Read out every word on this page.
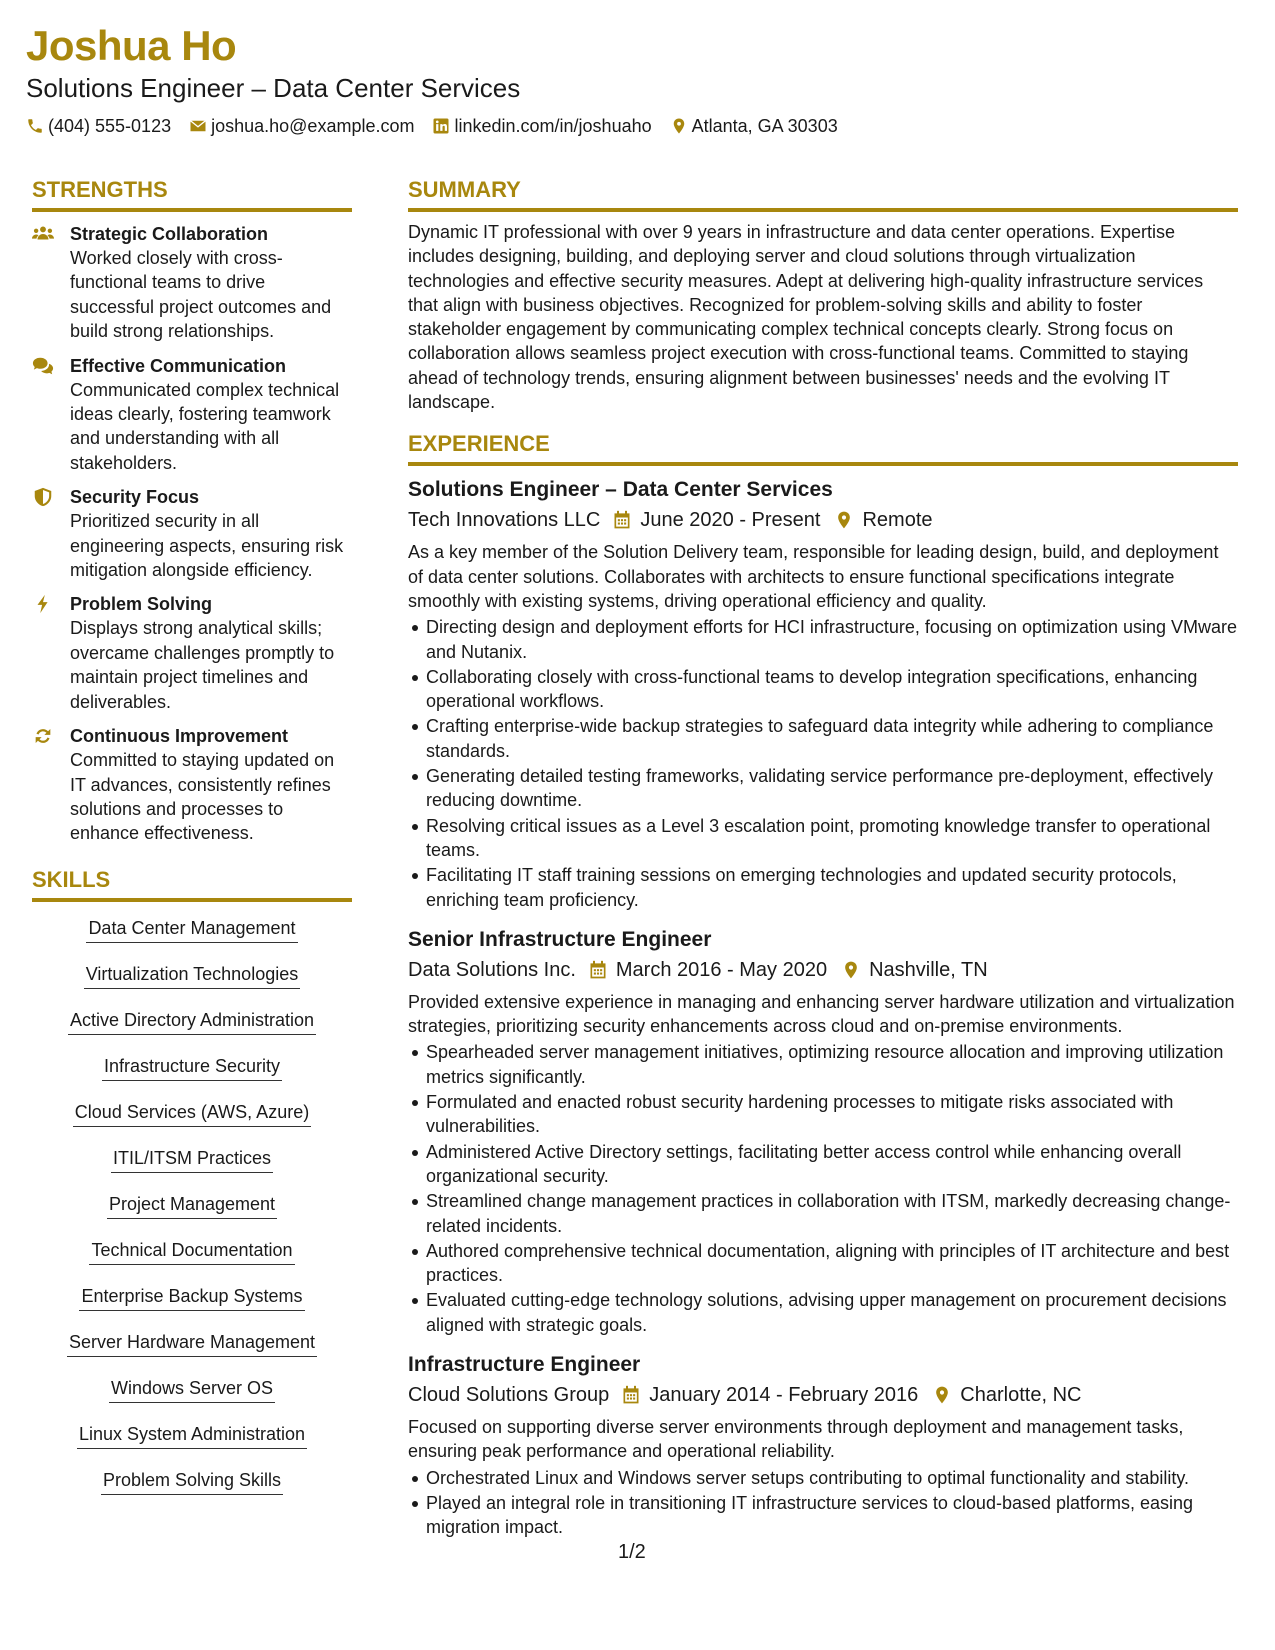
Joshua Ho
Solutions Engineer – Data Center Services
(404) 555-0123 joshua.ho@example.com linkedin.com/in/joshuaho Atlanta, GA 30303
STRENGTHS
Strategic Collaboration
Worked closely with cross-functional teams to drive successful project outcomes and build strong relationships.
Effective Communication
Communicated complex technical ideas clearly, fostering teamwork and understanding with all stakeholders.
Security Focus
Prioritized security in all engineering aspects, ensuring risk mitigation alongside efficiency.
Problem Solving
Displays strong analytical skills; overcame challenges promptly to maintain project timelines and deliverables.
Continuous Improvement
Committed to staying updated on IT advances, consistently refines solutions and processes to enhance effectiveness.
SKILLS
Data Center Management
Virtualization Technologies
Active Directory Administration
Infrastructure Security
Cloud Services (AWS, Azure)
ITIL/ITSM Practices
Project Management
Technical Documentation
Enterprise Backup Systems
Server Hardware Management
Windows Server OS
Linux System Administration
Problem Solving Skills
SUMMARY
Dynamic IT professional with over 9 years in infrastructure and data center operations. Expertise includes designing, building, and deploying server and cloud solutions through virtualization technologies and effective security measures. Adept at delivering high-quality infrastructure services that align with business objectives. Recognized for problem-solving skills and ability to foster stakeholder engagement by communicating complex technical concepts clearly. Strong focus on collaboration allows seamless project execution with cross-functional teams. Committed to staying ahead of technology trends, ensuring alignment between businesses' needs and the evolving IT landscape.
EXPERIENCE
Solutions Engineer – Data Center Services
Tech Innovations LLC June 2020 - Present Remote
As a key member of the Solution Delivery team, responsible for leading design, build, and deployment of data center solutions. Collaborates with architects to ensure functional specifications integrate smoothly with existing systems, driving operational efficiency and quality.
Directing design and deployment efforts for HCI infrastructure, focusing on optimization using VMware and Nutanix.
Collaborating closely with cross-functional teams to develop integration specifications, enhancing operational workflows.
Crafting enterprise-wide backup strategies to safeguard data integrity while adhering to compliance standards.
Generating detailed testing frameworks, validating service performance pre-deployment, effectively reducing downtime.
Resolving critical issues as a Level 3 escalation point, promoting knowledge transfer to operational teams.
Facilitating IT staff training sessions on emerging technologies and updated security protocols, enriching team proficiency.
Senior Infrastructure Engineer
Data Solutions Inc. March 2016 - May 2020 Nashville, TN
Provided extensive experience in managing and enhancing server hardware utilization and virtualization strategies, prioritizing security enhancements across cloud and on-premise environments.
Spearheaded server management initiatives, optimizing resource allocation and improving utilization metrics significantly.
Formulated and enacted robust security hardening processes to mitigate risks associated with vulnerabilities.
Administered Active Directory settings, facilitating better access control while enhancing overall organizational security.
Streamlined change management practices in collaboration with ITSM, markedly decreasing change-related incidents.
Authored comprehensive technical documentation, aligning with principles of IT architecture and best practices.
Evaluated cutting-edge technology solutions, advising upper management on procurement decisions aligned with strategic goals.
Infrastructure Engineer
Cloud Solutions Group January 2014 - February 2016 Charlotte, NC
Focused on supporting diverse server environments through deployment and management tasks, ensuring peak performance and operational reliability.
Orchestrated Linux and Windows server setups contributing to optimal functionality and stability.
Played an integral role in transitioning IT infrastructure services to cloud-based platforms, easing migration impact.
1/2
